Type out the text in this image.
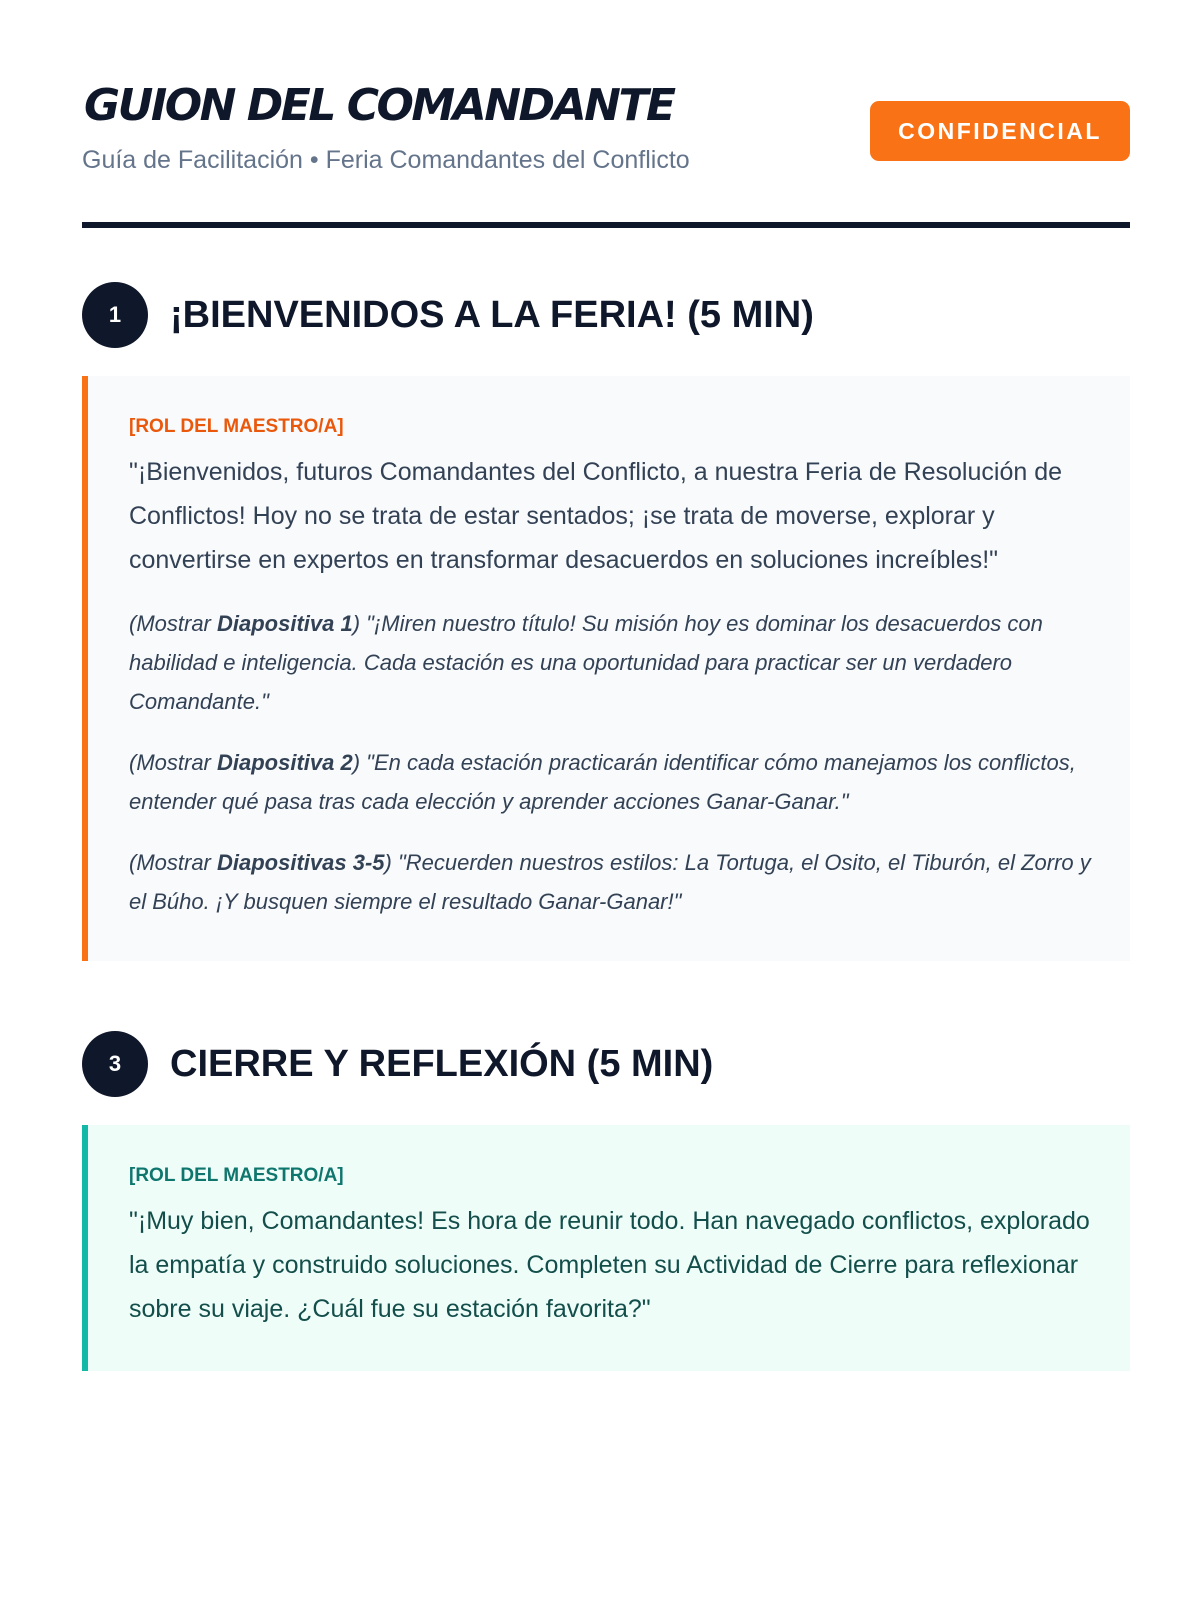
GUION DEL COMANDANTE
Guía de Facilitación • Feria Comandantes del Conflicto
CONFIDENCIAL
1	¡BIENVENIDOS A LA FERIA! (5 MIN)
[ROL DEL MAESTRO/A]

"¡Bienvenidos, futuros Comandantes del Conflicto, a nuestra Feria de Resolución de Conflictos! Hoy no se trata de estar sentados; ¡se trata de moverse, explorar y convertirse en expertos en transformar desacuerdos en soluciones increíbles!"

(Mostrar Diapositiva 1) "¡Miren nuestro título! Su misión hoy es dominar los desacuerdos con habilidad e inteligencia. Cada estación es una oportunidad para practicar ser un verdadero Comandante."

(Mostrar Diapositiva 2) "En cada estación practicarán identificar cómo manejamos los conflictos, entender qué pasa tras cada elección y aprender acciones Ganar-Ganar."

(Mostrar Diapositivas 3-5) "Recuerden nuestros estilos: La Tortuga, el Osito, el Tiburón, el Zorro y el Búho. ¡Y busquen siempre el resultado Ganar-Ganar!"

3	CIERRE Y REFLEXIÓN (5 MIN)
[ROL DEL MAESTRO/A]

"¡Muy bien, Comandantes! Es hora de reunir todo. Han navegado conflictos, explorado la empatía y construido soluciones. Completen su Actividad de Cierre para reflexionar sobre su viaje. ¿Cuál fue su estación favorita?"
